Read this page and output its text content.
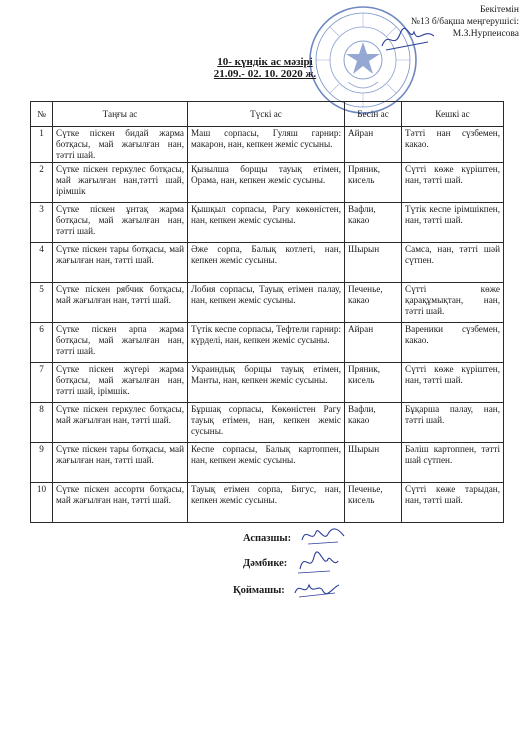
Бекітемін
№13 б/бақша меңгерушісі:
М.З.Нурпеисова
10- күндік ас мәзірі
21.09.- 02. 10. 2020 ж.
№	Таңғы ас	Түскі ас	Бесін ас	Кешкі ас
1	Сүтке піскен бидай жарма ботқасы, май жағылған нан, тәтті шай.	Маш сорпасы, Гуляш гарнир: макарон, нан, кепкен жеміс сусыны.	Айран	Тәтті нан сүзбемен, какао.
2	Сүтке піскен геркулес ботқасы, май жағылған нан,тәтті шай, ірімшік	Қызылша борщы тауық етімен, Орама, нан, кепкен жеміс сусыны.	Пряник, кисель	Сүтті көже күріштен, нан, тәтті шай.
3	Сүтке піскен ұнтақ жарма ботқасы, май жағылған нан, тәтті шай.	Қышқыл сорпасы, Рагу көкөністен, нан, кепкен жеміс сусыны.	Вафли, какао	Түтік кеспе ірімшікпен, нан, тәтті шай.
4	Сүтке піскен тары ботқасы, май жағылған нан, тәтті шай.	Әже сорпа, Балық котлеті, нан, кепкен жеміс сусыны.	Шырын	Самса, нан, тәтті шәй сүтпен.
5	Сүтке піскен рябчик ботқасы, май жағылған нан, тәтті шай.	Лобия сорпасы, Тауық етімен палау, нан, кепкен жеміс сусыны.	Печенье, какао	Сүтті көже қарақұмықтан, нан, тәтті шай.
6	Сүтке піскен арпа жарма ботқасы, май жағылған нан, тәтті шай.	Түтік кеспе сорпасы, Тефтели гарнир: күрделі, нан, кепкен жеміс сусыны.	Айран	Вареники сүзбемен, какао.
7	Сүтке піскен жүгері жарма ботқасы, май жағылған нан, тәтті шай, ірімшік.	Украиндық борщы тауық етімен, Манты, нан, кепкен жеміс сусыны.	Пряник, кисель	Сүтті көже күріштен, нан, тәтті шай.
8	Сүтке піскен геркулес ботқасы, май жағылған нан, тәтті шай.	Бұршақ сорпасы, Көкөністен Рагу тауық етімен, нан, кепкен жеміс сусыны.	Вафли, какао	Бұқарша палау, нан, тәтті шай.
9	Сүтке піскен тары ботқасы, май жағылған нан, тәтті шай.	Кеспе сорпасы, Балық картоппен, нан, кепкен жеміс сусыны.	Шырын	Бәліш картоппен, тәтті шай сүтпен.
10	Сүтке піскен ассорти ботқасы, май жағылған нан, тәтті шай.	Тауық етімен сорпа, Бигус, нан, кепкен жеміс сусыны.	Печенье, кисель	Сүтті көже тарыдан, нан, тәтті шай.
Аспазшы:
Дәмбике:
Қоймашы:
